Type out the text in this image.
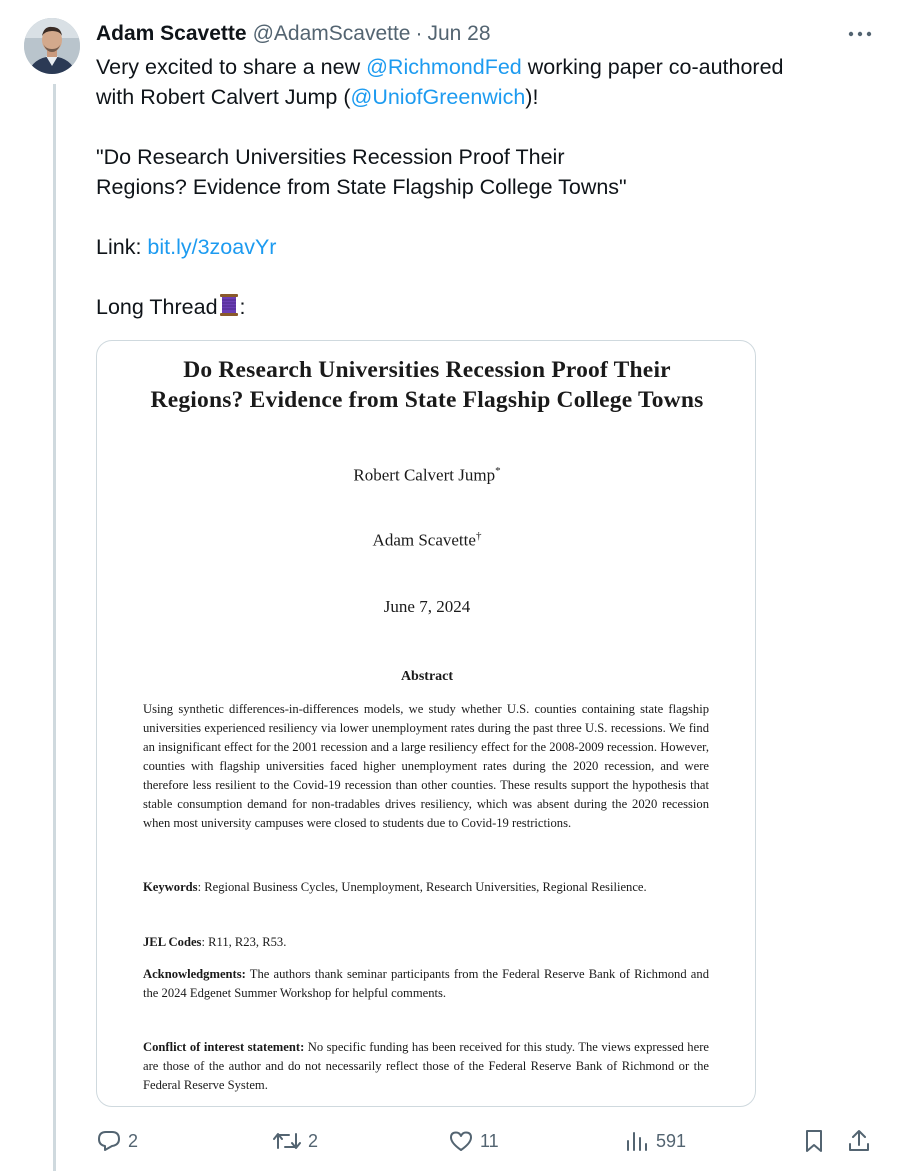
Adam Scavette @AdamScavette · Jun 28
Very excited to share a new @RichmondFed working paper co-authored
with Robert Calvert Jump (@UniofGreenwich)!
"Do Research Universities Recession Proof Their
Regions? Evidence from State Flagship College Towns"
Link: bit.ly/3zoavYr
Long Thread :
Do Research Universities Recession Proof Their
Regions? Evidence from State Flagship College Towns
Robert Calvert Jump*
Adam Scavette†
June 7, 2024
Abstract
Using synthetic differences-in-differences models, we study whether U.S. counties containing state flagship universities experienced resiliency via lower unemployment rates during the past three U.S. recessions. We find an insignificant effect for the 2001 recession and a large resiliency effect for the 2008-2009 recession. However, counties with flagship universities faced higher unemployment rates during the 2020 recession, and were therefore less resilient to the Covid-19 recession than other counties. These results support the hypothesis that stable consumption demand for non-tradables drives resiliency, which was absent during the 2020 recession when most university campuses were closed to students due to Covid-19 restrictions.
Keywords: Regional Business Cycles, Unemployment, Research Universities, Regional Resilience.
JEL Codes: R11, R23, R53.
Acknowledgments: The authors thank seminar participants from the Federal Reserve Bank of Richmond and the 2024 Edgenet Summer Workshop for helpful comments.
Conflict of interest statement: No specific funding has been received for this study. The views expressed here are those of the author and do not necessarily reflect those of the Federal Reserve Bank of Richmond or the Federal Reserve System.
2	2	11	591
